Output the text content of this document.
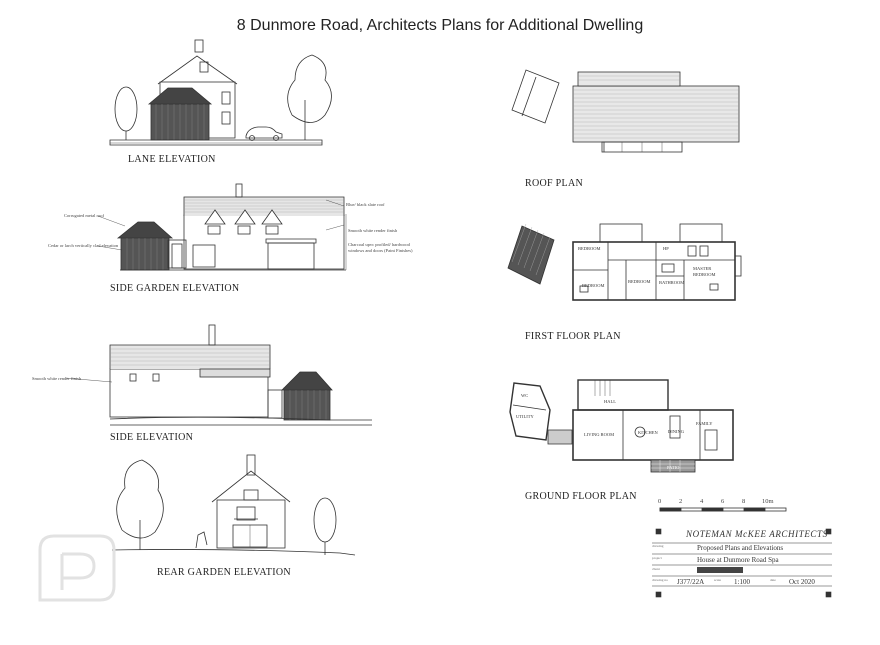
8 Dunmore Road, Architects Plans for Additional Dwelling
LANE ELEVATION
SIDE GARDEN ELEVATION
SIDE ELEVATION
REAR GARDEN ELEVATION
ROOF PLAN
FIRST FLOOR PLAN
GROUND FLOOR PLAN
Corrugated metal roof
Cedar or larch vertically clad elevation
Blue/ black slate roof
Smooth white render finish
Charcoal upvc profiled/ hardwood windows and doors (Paint Finishes)
Smooth white render finish
BEDROOM
BEDROOM
BEDROOM
HP
BATHROOM
MASTER BEDROOM
WC
UTILITY
HALL
LIVING ROOM	KITCHEN DINING
FAMILY
PATIO
0	2	4	6	8	10m
NOTEMAN McKEE ARCHITECTS
drawing	Proposed Plans and Elevations
project	House at Dunmore Road Spa
client
drawing no	J377/22A	scale	1:100	date	Oct 2020
